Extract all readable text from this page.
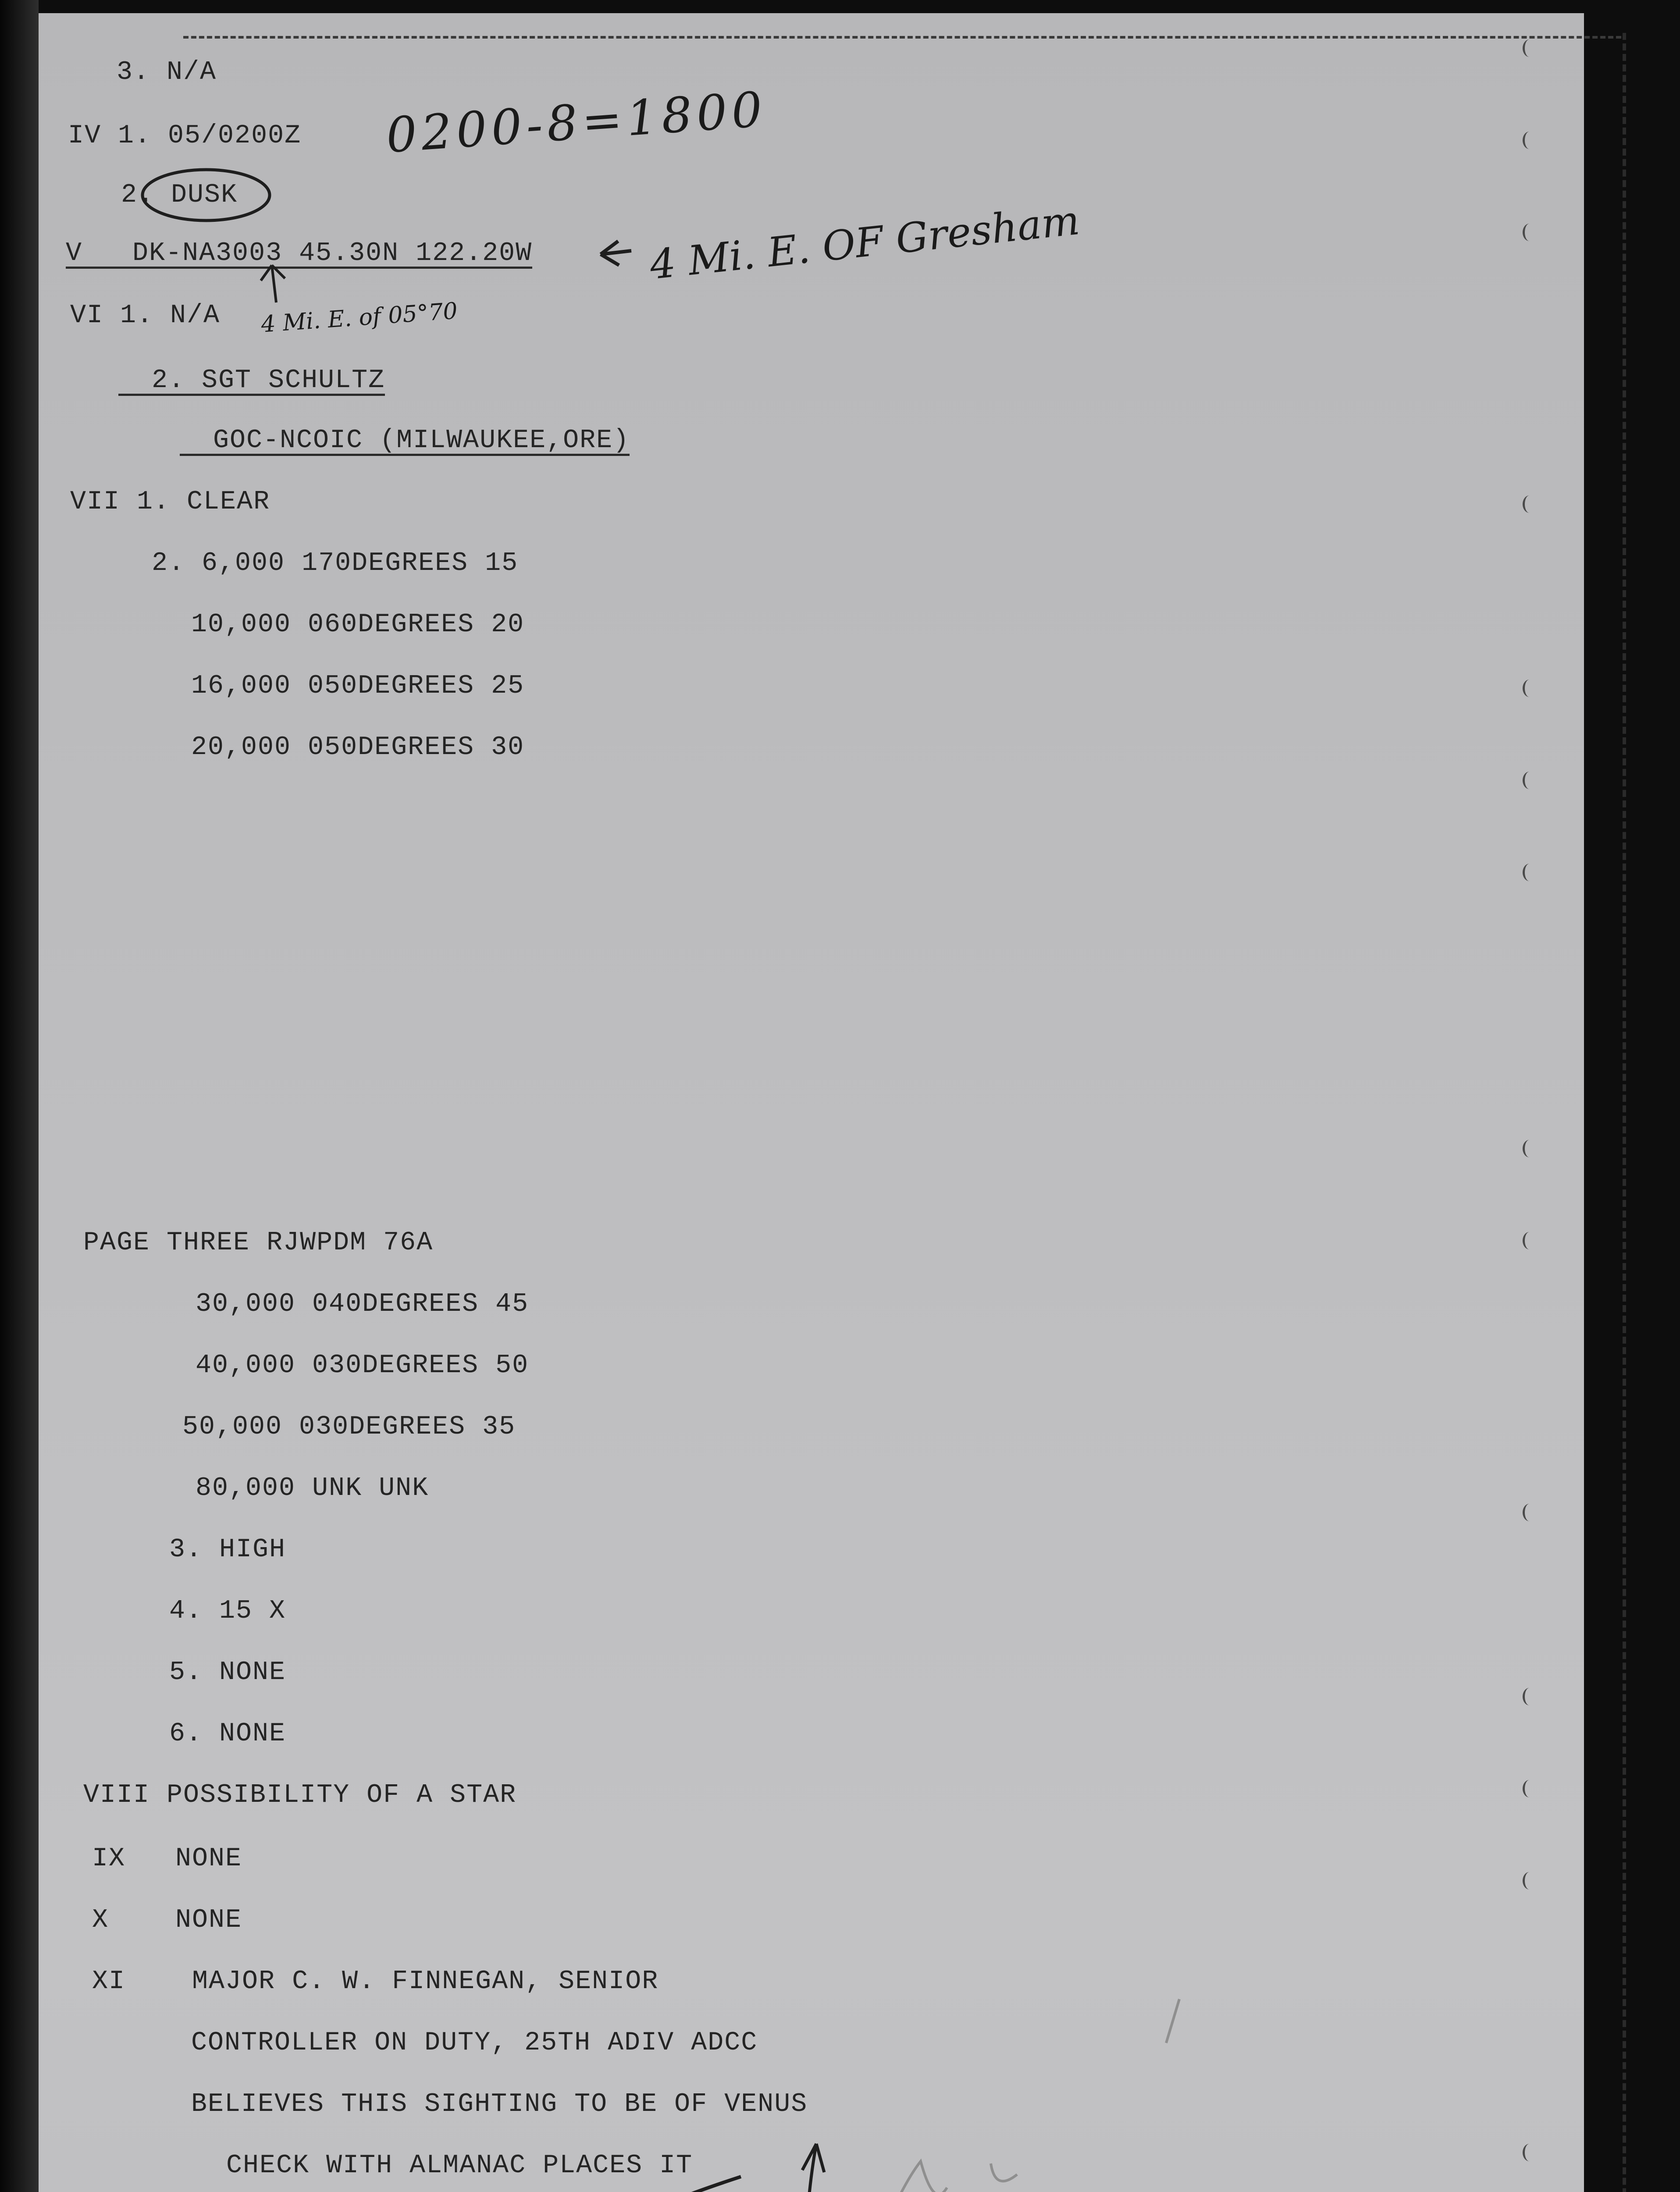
3. N/A

IV 1. 05/0200Z

2. DUSK

V   DK-NA3003 45.30N 122.20W

VI 1. N/A

2. SGT SCHULTZ

GOC-NCOIC (MILWAUKEE,ORE)

VII 1. CLEAR

2. 6,000 170DEGREES 15

10,000 060DEGREES 20

16,000 050DEGREES 25

20,000 050DEGREES 30

PAGE THREE RJWPDM 76A

30,000 040DEGREES 45

40,000 030DEGREES 50

50,000 030DEGREES 35

80,000 UNK UNK

3. HIGH

4. 15 X

5. NONE

6. NONE

VIII POSSIBILITY OF A STAR

IX   NONE

X    NONE

XI    MAJOR C. W. FINNEGAN, SENIOR

CONTROLLER ON DUTY, 25TH ADIV ADCC

BELIEVES THIS SIGHTING TO BE OF VENUS

CHECK WITH ALMANAC PLACES IT

0200-8=1800

4 Mi. E. OF Gresham

4 Mi. E. of 05°70
